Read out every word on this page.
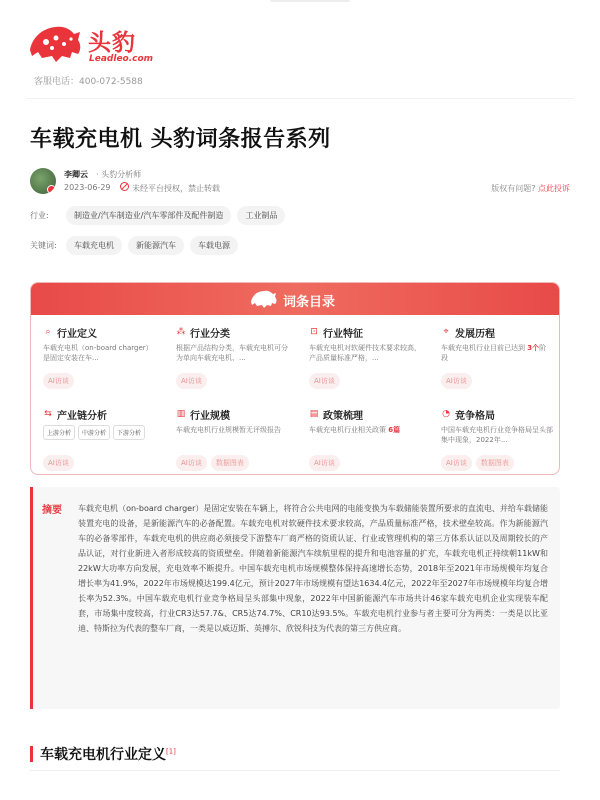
头豹
Leadleo.com
客服电话：400-072-5588
车载充电机 头豹词条报告系列
李卿云 · 头豹分析师
2023-06-29	未经平台授权，禁止转载	版权有问题? 点此投诉
行业:	制造业/汽车制造业/汽车零部件及配件制造	工业制品
关键词:	车载充电机	新能源汽车	车载电源
词条目录
⌕ 行业定义
车载充电机（on-board charger）是固定安装在车...
AI访谈
⁂ 行业分类
根据产品结构分类，车载充电机可分为单向车载充电机、...
AI访谈
⊡ 行业特征
车载充电机对软硬件技术要求较高，产品质量标准严格，...
AI访谈
⌖ 发展历程
车载充电机行业目前已达到 3个阶段
AI访谈
⇆ 产业链分析
上游分析	中游分析	下游分析
AI访谈
▥ 行业规模
车载充电机行业规模暂无评级报告
AI访谈	数据图表
▤ 政策梳理
车载充电机行业相关政策 6篇
AI访谈
◔ 竞争格局
中国车载充电机行业竞争格局呈头部集中现象，2022年...
AI访谈	数据图表
摘要 车载充电机（on-board charger）是固定安装在车辆上，将符合公共电网的电能变换为车载储能装置所要求的直流电、并给车载储能装置充电的设备，是新能源汽车的必备配置。车载充电机对软硬件技术要求较高，产品质量标准严格，技术壁垒较高。作为新能源汽车的必备零部件，车载充电机的供应商必须接受下游整车厂商严格的资质认证、行业或管理机构的第三方体系认证以及周期较长的产品认证，对行业新进入者形成较高的资质壁垒。伴随着新能源汽车续航里程的提升和电池容量的扩充，车载充电机正持续朝11kW和22kW大功率方向发展，充电效率不断提升。中国车载充电机市场规模整体保持高速增长态势，2018年至2021年市场规模年均复合增长率为41.9%，2022年市场规模达199.4亿元，预计2027年市场规模有望达1634.4亿元，2022年至2027年市场规模年均复合增长率为52.3%。中国车载充电机行业竞争格局呈头部集中现象，2022年中国新能源汽车市场共计46家车载充电机企业实现装车配套，市场集中度较高，行业CR3达57.7&、CR5达74.7%、CR10达93.5%。车载充电机行业参与者主要可分为两类：一类是以比亚迪、特斯拉为代表的整车厂商，一类是以威迈斯、英搏尔、欣锐科技为代表的第三方供应商。

车载充电机行业定义[1]
